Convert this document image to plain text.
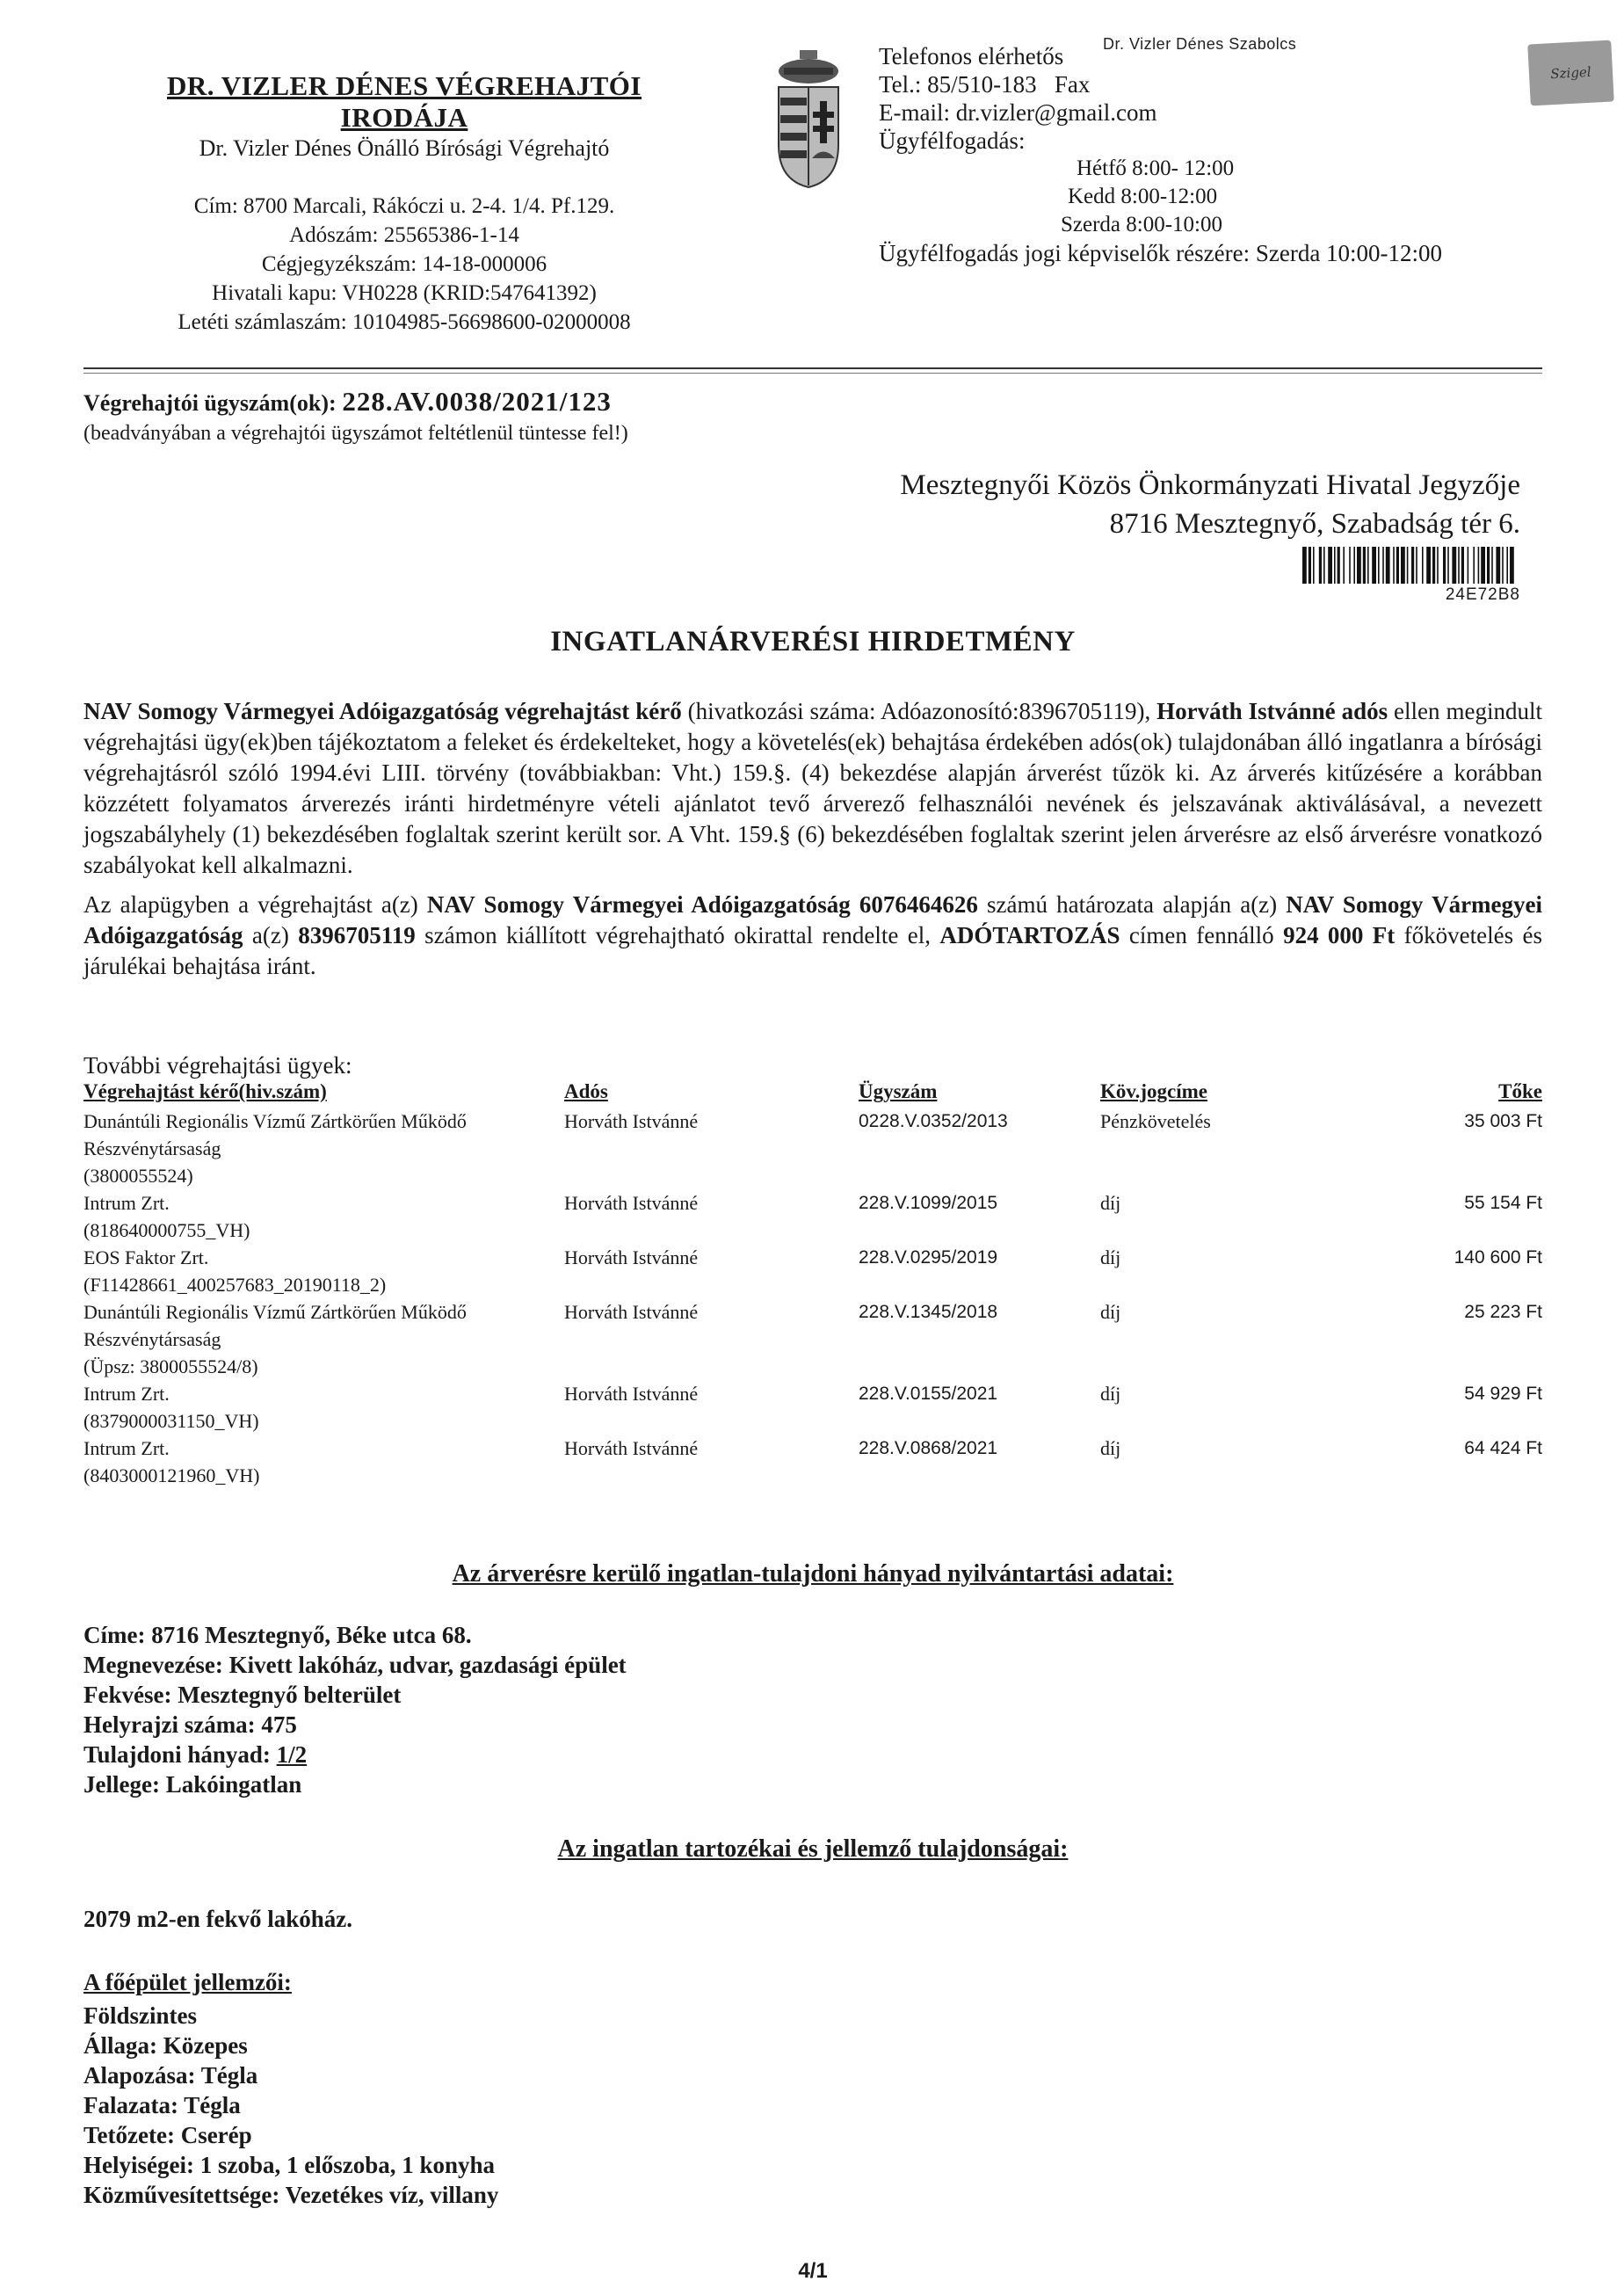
DR. VIZLER DÉNES VÉGREHAJTÓI
IRODÁJA
Dr. Vizler Dénes Önálló Bírósági Végrehajtó
Cím: 8700 Marcali, Rákóczi u. 2-4. 1/4. Pf.129.
Adószám: 25565386-1-14
Cégjegyzékszám: 14-18-000006
Hivatali kapu: VH0228 (KRID:547641392)
Letéti számlaszám: 10104985-56698600-02000008
Telefonos elérhetős
Tel.: 85/510-183 Fax
E-mail: dr.vizler@gmail.com
Ügyfélfogadás:
Hétfő 8:00- 12:00
Kedd 8:00-12:00
Szerda 8:00-10:00
Ügyfélfogadás jogi képviselők részére: Szerda 10:00-12:00
Dr. Vizler Dénes Szabolcs
Szigel
Végrehajtói ügyszám(ok): 228.AV.0038/2021/123
(beadványában a végrehajtói ügyszámot feltétlenül tüntesse fel!)
Mesztegnyői Közös Önkormányzati Hivatal Jegyzője
8716 Mesztegnyő, Szabadság tér 6.
24E72B8
INGATLANÁRVERÉSI HIRDETMÉNY
NAV Somogy Vármegyei Adóigazgatóság végrehajtást kérő (hivatkozási száma: Adóazonosító:8396705119), Horváth Istvánné adós ellen megindult végrehajtási ügy(ek)ben tájékoztatom a feleket és érdekelteket, hogy a követelés(ek) behajtása érdekében adós(ok) tulajdonában álló ingatlanra a bírósági végrehajtásról szóló 1994.évi LIII. törvény (továbbiakban: Vht.) 159.§. (4) bekezdése alapján árverést tűzök ki. Az árverés kitűzésére a korábban közzétett folyamatos árverezés iránti hirdetményre vételi ajánlatot tevő árverező felhasználói nevének és jelszavának aktiválásával, a nevezett jogszabályhely (1) bekezdésében foglaltak szerint került sor. A Vht. 159.§ (6) bekezdésében foglaltak szerint jelen árverésre az első árverésre vonatkozó szabályokat kell alkalmazni.
Az alapügyben a végrehajtást a(z) NAV Somogy Vármegyei Adóigazgatóság 6076464626 számú határozata alapján a(z) NAV Somogy Vármegyei Adóigazgatóság a(z) 8396705119 számon kiállított végrehajtható okirattal rendelte el, ADÓTARTOZÁS címen fennálló 924 000 Ft főkövetelés és járulékai behajtása iránt.
További végrehajtási ügyek:
Végrehajtást kérő(hiv.szám)	Adós	Ügyszám	Köv.jogcíme	Tőke

Dunántúli Regionális Vízmű Zártkörűen Működő
Részvénytársaság
(3800055524)	Horváth Istvánné	0228.V.0352/2013	Pénzkövetelés	35 003 Ft

Intrum Zrt.
(818640000755_VH)	Horváth Istvánné	228.V.1099/2015	díj	55 154 Ft

EOS Faktor Zrt.
(F11428661_400257683_20190118_2)	Horváth Istvánné	228.V.0295/2019	díj	140 600 Ft

Dunántúli Regionális Vízmű Zártkörűen Működő
Részvénytársaság
(Üpsz: 3800055524/8)	Horváth Istvánné	228.V.1345/2018	díj	25 223 Ft

Intrum Zrt.
(8379000031150_VH)	Horváth Istvánné	228.V.0155/2021	díj	54 929 Ft

Intrum Zrt.
(8403000121960_VH)	Horváth Istvánné	228.V.0868/2021	díj	64 424 Ft
Az árverésre kerülő ingatlan-tulajdoni hányad nyilvántartási adatai:
Címe: 8716 Mesztegnyő, Béke utca 68.
Megnevezése: Kivett lakóház, udvar, gazdasági épület
Fekvése: Mesztegnyő belterület
Helyrajzi száma: 475
Tulajdoni hányad: 1/2
Jellege: Lakóingatlan
Az ingatlan tartozékai és jellemző tulajdonságai:
2079 m2-en fekvő lakóház.
A főépület jellemzői:
Földszintes
Állaga: Közepes
Alapozása: Tégla
Falazata: Tégla
Tetőzete: Cserép
Helyiségei: 1 szoba, 1 előszoba, 1 konyha
Közművesítettsége: Vezetékes víz, villany
4/1
